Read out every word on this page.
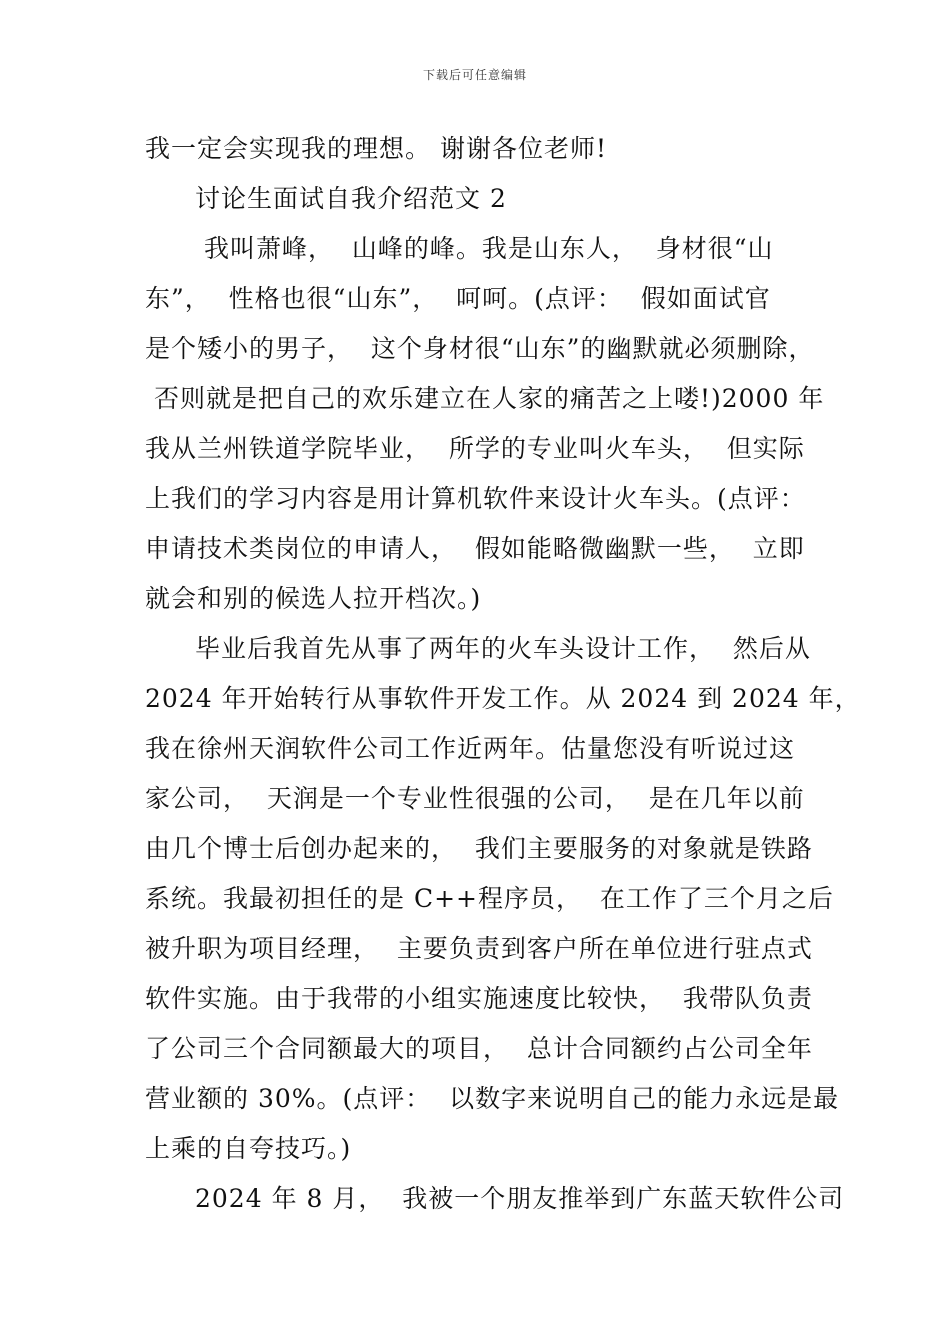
下载后可任意编辑
我一定会实现我的理想。 谢谢各位老师!
讨论生面试自我介绍范文 2
我叫萧峰，  山峰的峰。我是山东人，  身材很“山
东”，  性格也很“山东”，  呵呵。(点评：  假如面试官
是个矮小的男子，  这个身材很“山东”的幽默就必须删除，
否则就是把自己的欢乐建立在人家的痛苦之上喽!)2000 年
我从兰州铁道学院毕业，  所学的专业叫火车头，  但实际
上我们的学习内容是用计算机软件来设计火车头。(点评：
申请技术类岗位的申请人，  假如能略微幽默一些，  立即
就会和别的候选人拉开档次。)
毕业后我首先从事了两年的火车头设计工作，  然后从
2024 年开始转行从事软件开发工作。从 2024 到 2024 年，
我在徐州天润软件公司工作近两年。估量您没有听说过这
家公司，  天润是一个专业性很强的公司，  是在几年以前
由几个博士后创办起来的，  我们主要服务的对象就是铁路
系统。我最初担任的是 C++程序员，  在工作了三个月之后
被升职为项目经理，  主要负责到客户所在单位进行驻点式
软件实施。由于我带的小组实施速度比较快，  我带队负责
了公司三个合同额最大的项目，  总计合同额约占公司全年
营业额的 30%。(点评：  以数字来说明自己的能力永远是最
上乘的自夸技巧。)
2024 年 8 月，  我被一个朋友推举到广东蓝天软件公司
